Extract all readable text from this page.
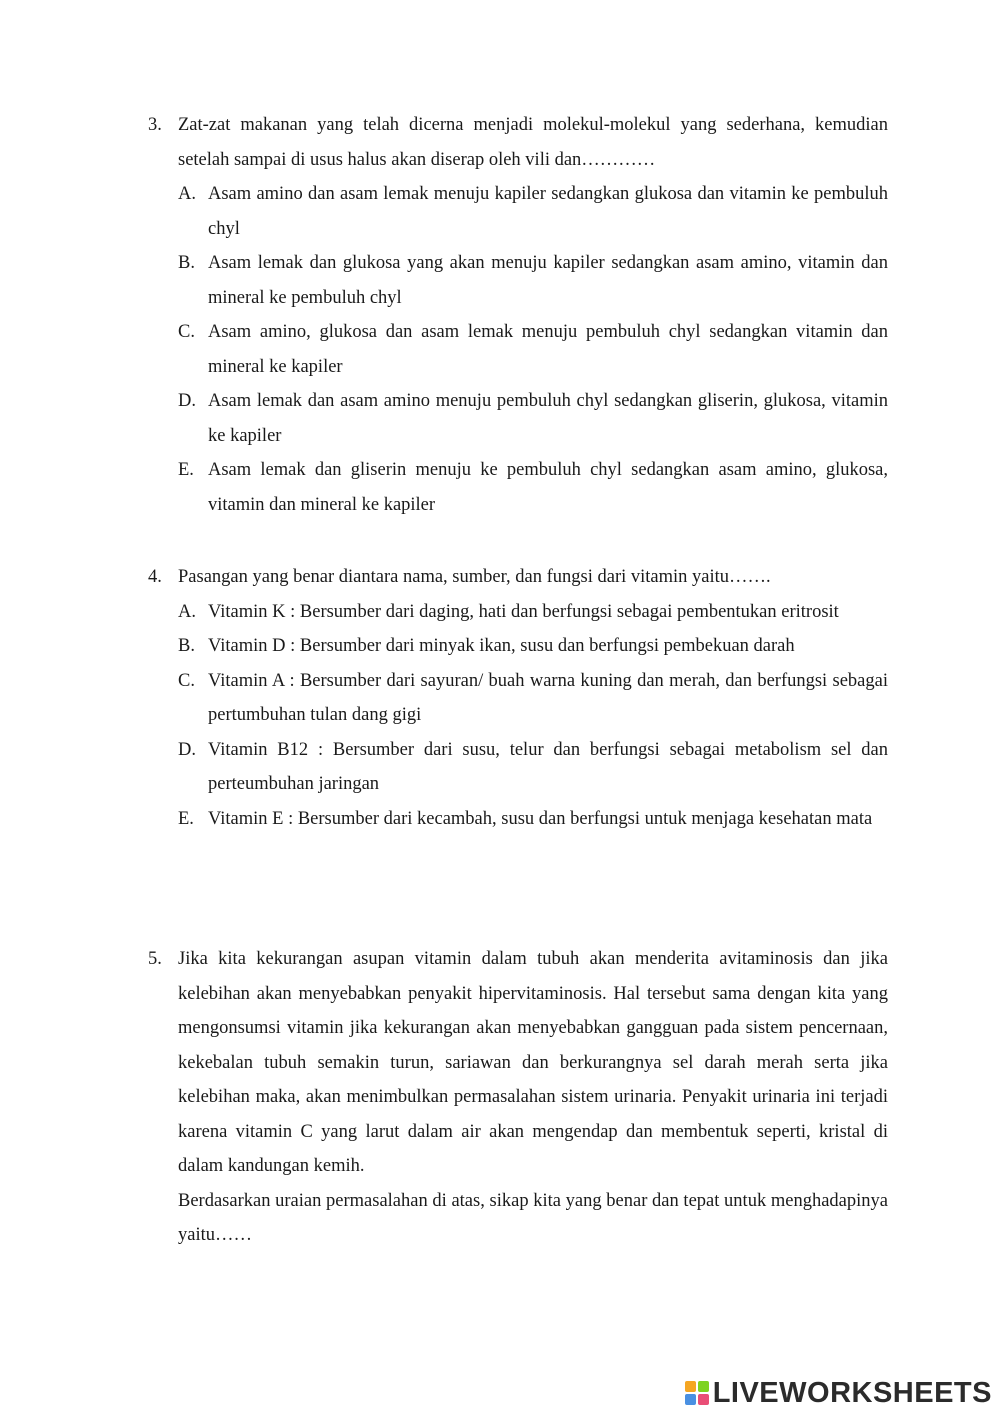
3. Zat-zat makanan yang telah dicerna menjadi molekul-molekul yang sederhana, kemudian setelah sampai di usus halus akan diserap oleh vili dan…………

A. Asam amino dan asam lemak menuju kapiler sedangkan glukosa dan vitamin ke pembuluh chyl
B. Asam lemak dan glukosa yang akan menuju kapiler sedangkan asam amino, vitamin dan mineral ke pembuluh chyl
C. Asam amino, glukosa dan asam lemak menuju pembuluh chyl sedangkan vitamin dan mineral ke kapiler
D. Asam lemak dan asam amino menuju pembuluh chyl sedangkan gliserin, glukosa, vitamin ke kapiler
E. Asam lemak dan gliserin menuju ke pembuluh chyl sedangkan asam amino, glukosa, vitamin dan mineral ke kapiler
4. Pasangan yang benar diantara nama, sumber, dan fungsi dari vitamin yaitu…….

A. Vitamin K : Bersumber dari daging, hati dan berfungsi sebagai pembentukan eritrosit
B. Vitamin D : Bersumber dari minyak ikan, susu dan berfungsi pembekuan darah
C. Vitamin A : Bersumber dari sayuran/ buah warna kuning dan merah, dan berfungsi sebagai pertumbuhan tulan dang gigi
D. Vitamin B12 : Bersumber dari susu, telur dan berfungsi sebagai metabolism sel dan perteumbuhan jaringan
E. Vitamin E : Bersumber dari kecambah, susu dan berfungsi untuk menjaga kesehatan mata
5. Jika kita kekurangan asupan vitamin dalam tubuh akan menderita avitaminosis dan jika kelebihan akan menyebabkan penyakit hipervitaminosis. Hal tersebut sama dengan kita yang mengonsumsi vitamin jika kekurangan akan menyebabkan gangguan pada sistem pencernaan, kekebalan tubuh semakin turun, sariawan dan berkurangnya sel darah merah serta jika kelebihan maka, akan menimbulkan permasalahan sistem urinaria. Penyakit urinaria ini terjadi karena vitamin C yang larut dalam air akan mengendap dan membentuk seperti, kristal di dalam kandungan kemih.

Berdasarkan uraian permasalahan di atas, sikap kita yang benar dan tepat untuk menghadapinya yaitu……

LIVEWORKSHEETS
